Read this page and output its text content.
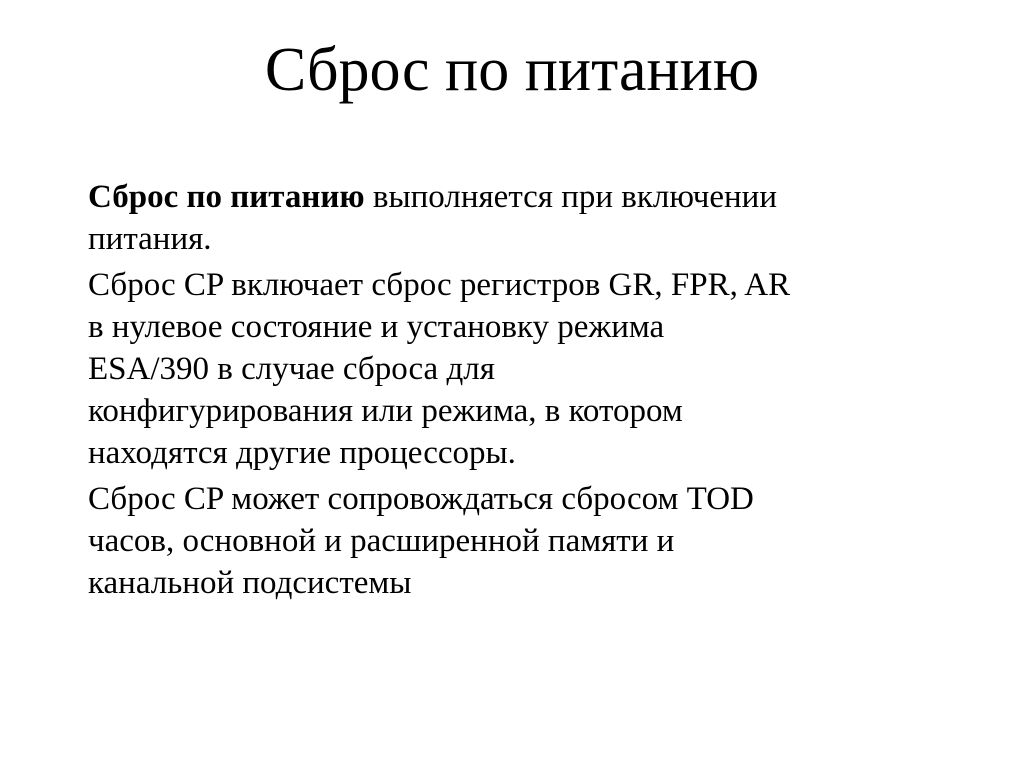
Сброс по питанию

Сброс по питанию выполняется при включении
питания.

Сброс CP включает сброс регистров GR, FPR, AR
в нулевое состояние и установку режима
ESA/390 в случае сброса для
конфигурирования или режима, в котором
находятся другие процессоры.

Сброс CP может сопровождаться сбросом TOD
часов, основной и расширенной памяти и
канальной подсистемы
